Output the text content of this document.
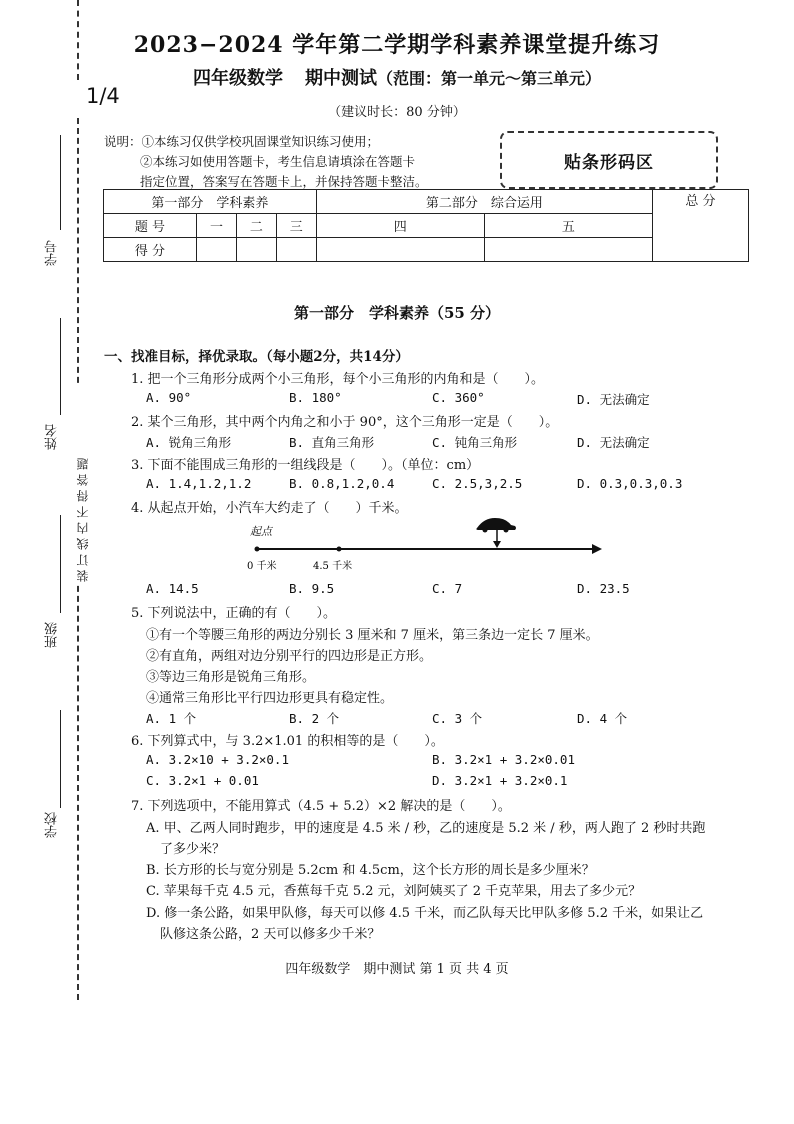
2023−2024 学年第二学期学科素养课堂提升练习
四年级数学 期中测试（范围：第一单元～第三单元）
（建议时长：80 分钟）
1/4
装订线内不得答题
学号
姓名
班级
学校
说明：①本练习仅供学校巩固课堂知识练习使用；
②本练习如使用答题卡，考生信息请填涂在答题卡
指定位置，答案写在答题卡上，并保持答题卡整洁。
贴条形码区
第一部分　学科素养				第二部分　综合运用		总 分
题 号	一	二	三	四	五	
得 分						
第一部分　学科素养（55 分）
一、找准目标，择优录取。（每小题2分，共14分）
1. 把一个三角形分成两个小三角形，每个小三角形的内角和是（　　）。
A. 90°	B. 180°	C. 360°	D. 无法确定
2. 某个三角形，其中两个内角之和小于 90°，这个三角形一定是（　　）。
A. 锐角三角形	B. 直角三角形	C. 钝角三角形	D. 无法确定
3. 下面不能围成三角形的一组线段是（　　）。（单位：cm）
A. 1.4,1.2,1.2	B. 0.8,1.2,0.4	C. 2.5,3,2.5	D. 0.3,0.3,0.3
4. 从起点开始，小汽车大约走了（　　）千米。
起点
0 千米	4.5 千米
A. 14.5	B. 9.5	C. 7	D. 23.5
5. 下列说法中，正确的有（　　）。
①有一个等腰三角形的两边分别长 3 厘米和 7 厘米，第三条边一定长 7 厘米。
②有直角，两组对边分别平行的四边形是正方形。
③等边三角形是锐角三角形。
④通常三角形比平行四边形更具有稳定性。
A. 1 个	B. 2 个	C. 3 个	D. 4 个
6. 下列算式中，与 3.2×1.01 的积相等的是（　　）。
A. 3.2×10 + 3.2×0.1	B. 3.2×1 + 3.2×0.01
C. 3.2×1 + 0.01	D. 3.2×1 + 3.2×0.1
7. 下列选项中，不能用算式（4.5 + 5.2）×2 解决的是（　　）。
A. 甲、乙两人同时跑步，甲的速度是 4.5 米 / 秒，乙的速度是 5.2 米 / 秒，两人跑了 2 秒时共跑
了多少米？
B. 长方形的长与宽分别是 5.2cm 和 4.5cm，这个长方形的周长是多少厘米？
C. 苹果每千克 4.5 元，香蕉每千克 5.2 元，刘阿姨买了 2 千克苹果，用去了多少元？
D. 修一条公路，如果甲队修，每天可以修 4.5 千米，而乙队每天比甲队多修 5.2 千米，如果让乙
队修这条公路，2 天可以修多少千米？
四年级数学　期中测试 第 1 页 共 4 页
